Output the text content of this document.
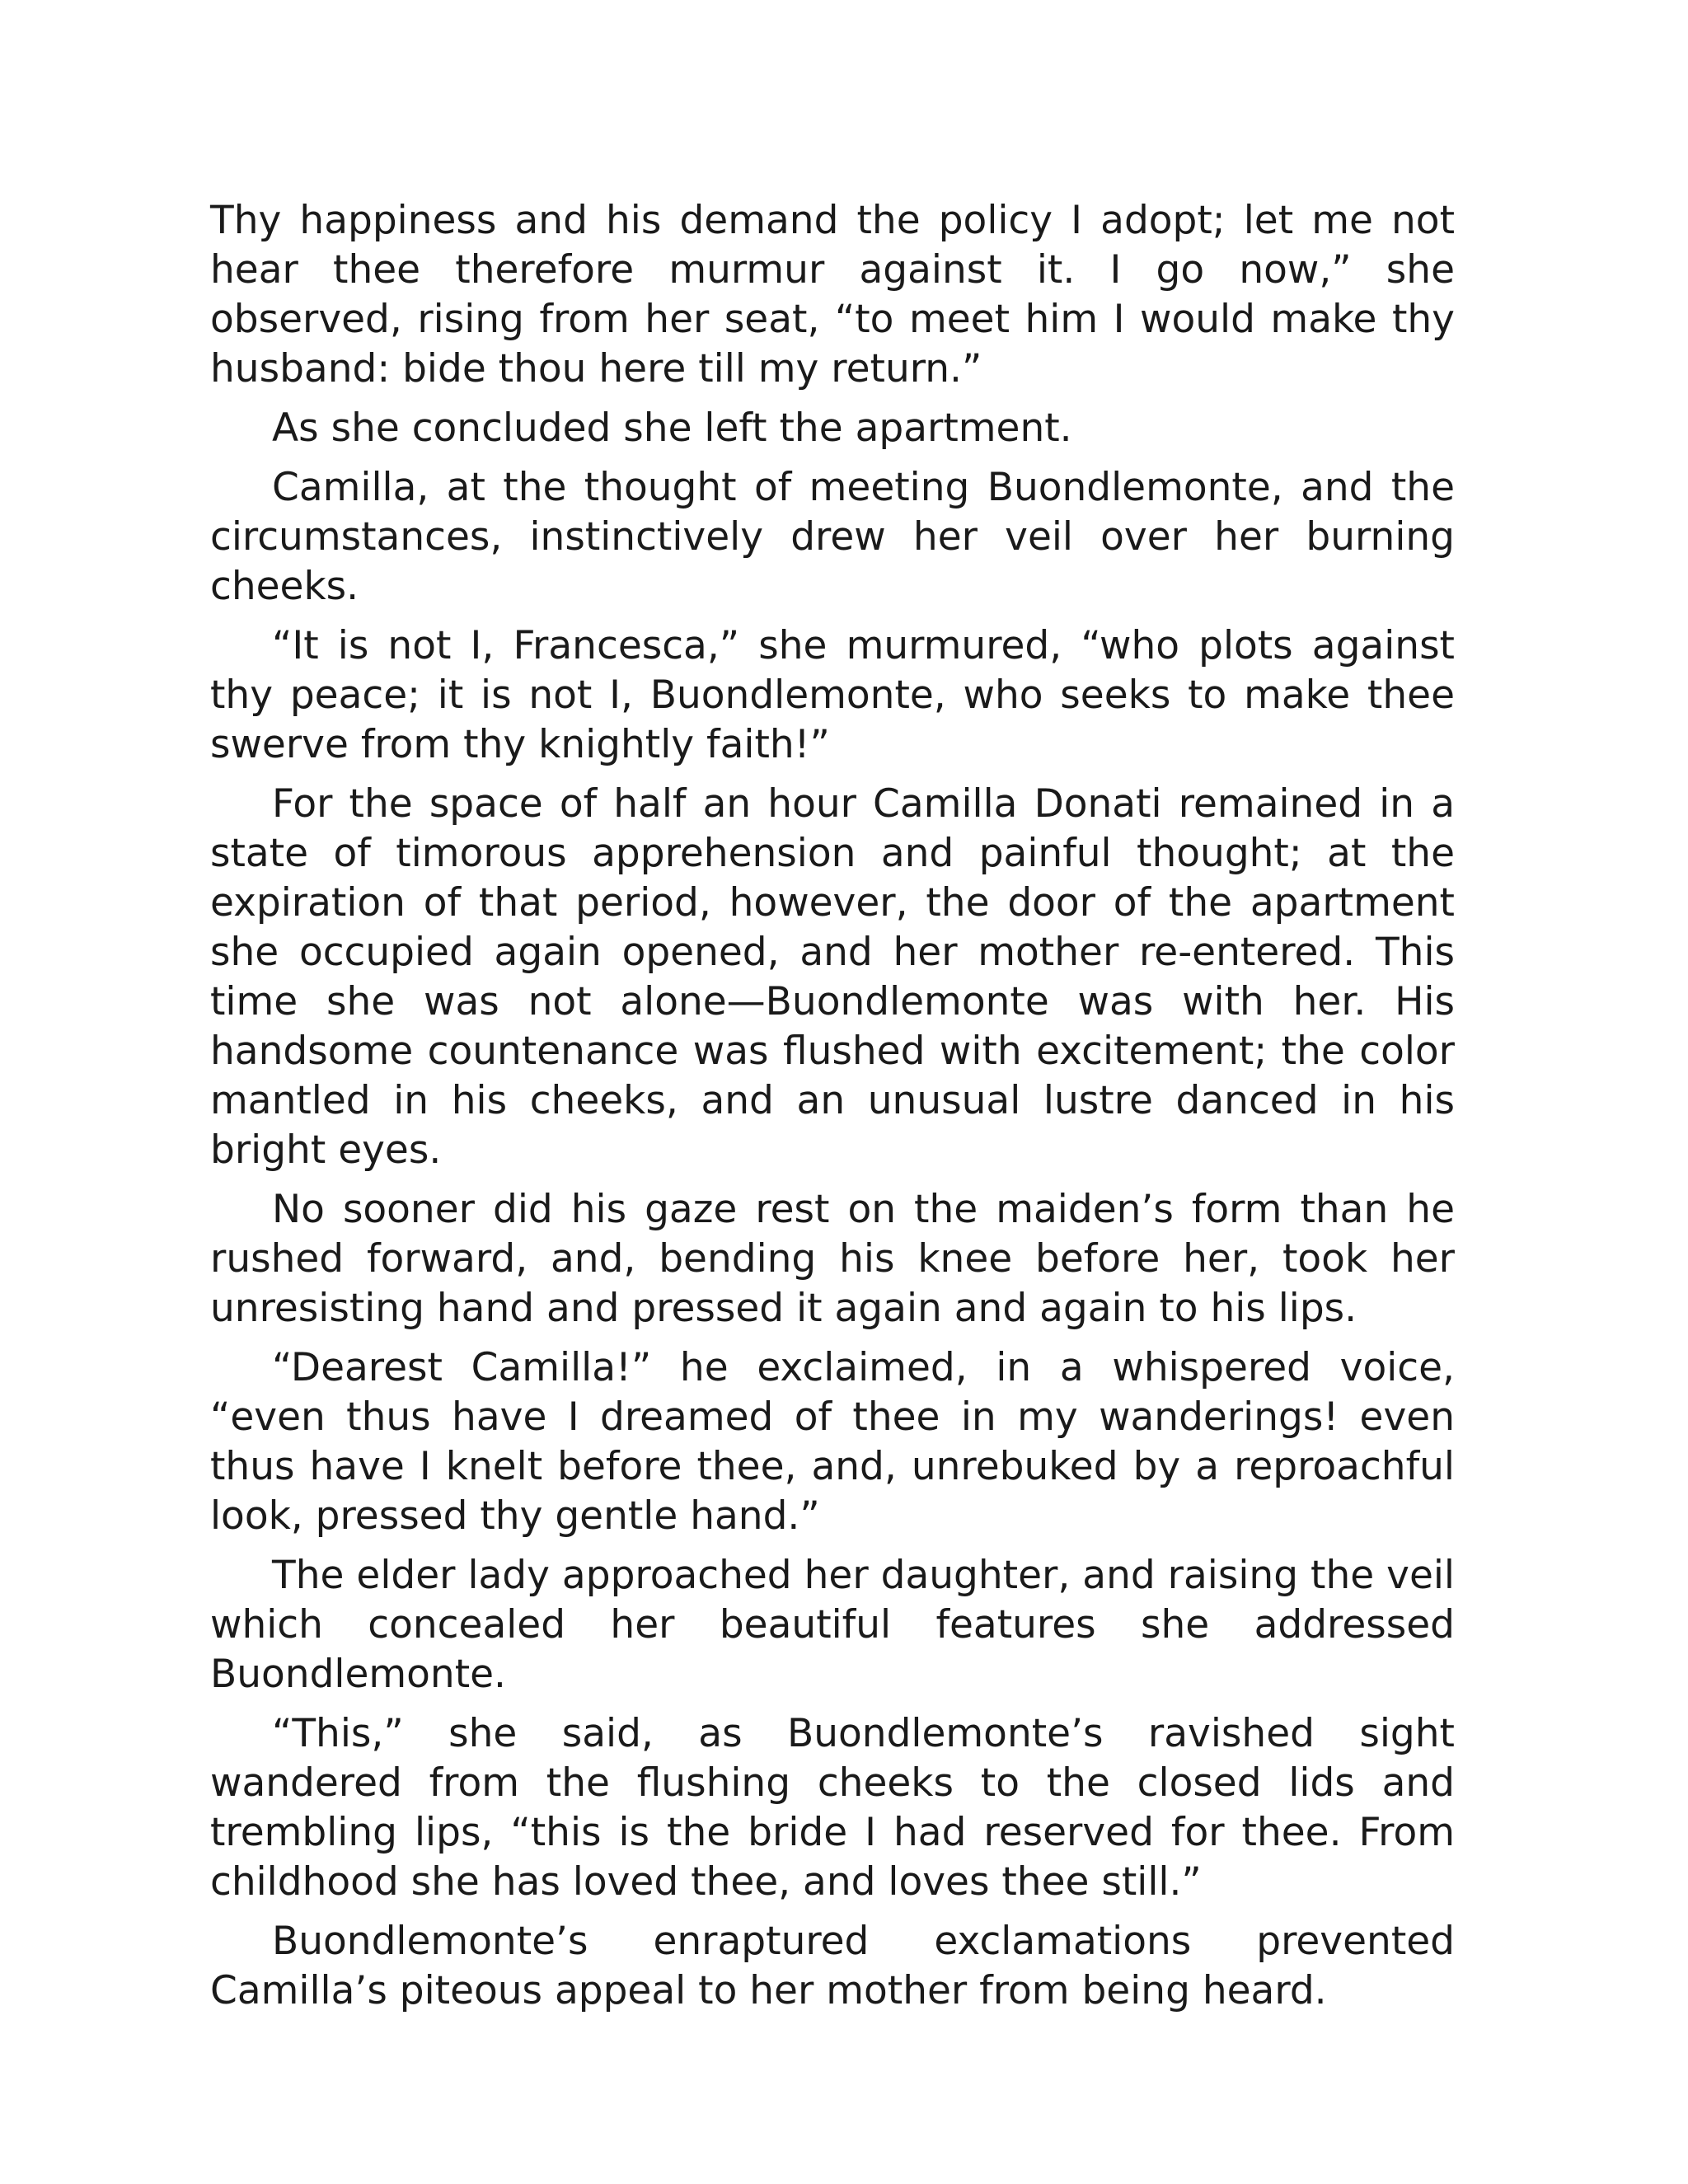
Thy happiness and his demand the policy I adopt; let me not hear thee therefore murmur against it. I go now,” she observed, rising from her seat, “to meet him I would make thy husband: bide thou here till my return.”

As she concluded she left the apartment.

Camilla, at the thought of meeting Buondlemonte, and the circumstances, instinctively drew her veil over her burning cheeks.

“It is not I, Francesca,” she murmured, “who plots against thy peace; it is not I, Buondlemonte, who seeks to make thee swerve from thy knightly faith!”

For the space of half an hour Camilla Donati remained in a state of timorous apprehension and painful thought; at the expiration of that period, however, the door of the apartment she occupied again opened, and her mother re-entered. This time she was not alone—Buondlemonte was with her. His handsome countenance was flushed with excitement; the color mantled in his cheeks, and an unusual lustre danced in his bright eyes.

No sooner did his gaze rest on the maiden’s form than he rushed forward, and, bending his knee before her, took her unresisting hand and pressed it again and again to his lips.

“Dearest Camilla!” he exclaimed, in a whispered voice, “even thus have I dreamed of thee in my wanderings! even thus have I knelt before thee, and, unrebuked by a reproachful look, pressed thy gentle hand.”

The elder lady approached her daughter, and raising the veil which concealed her beautiful features she addressed Buondlemonte.

“This,” she said, as Buondlemonte’s ravished sight wandered from the flushing cheeks to the closed lids and trembling lips, “this is the bride I had reserved for thee. From childhood she has loved thee, and loves thee still.”

Buondlemonte’s enraptured exclamations prevented Camilla’s piteous appeal to her mother from being heard.
